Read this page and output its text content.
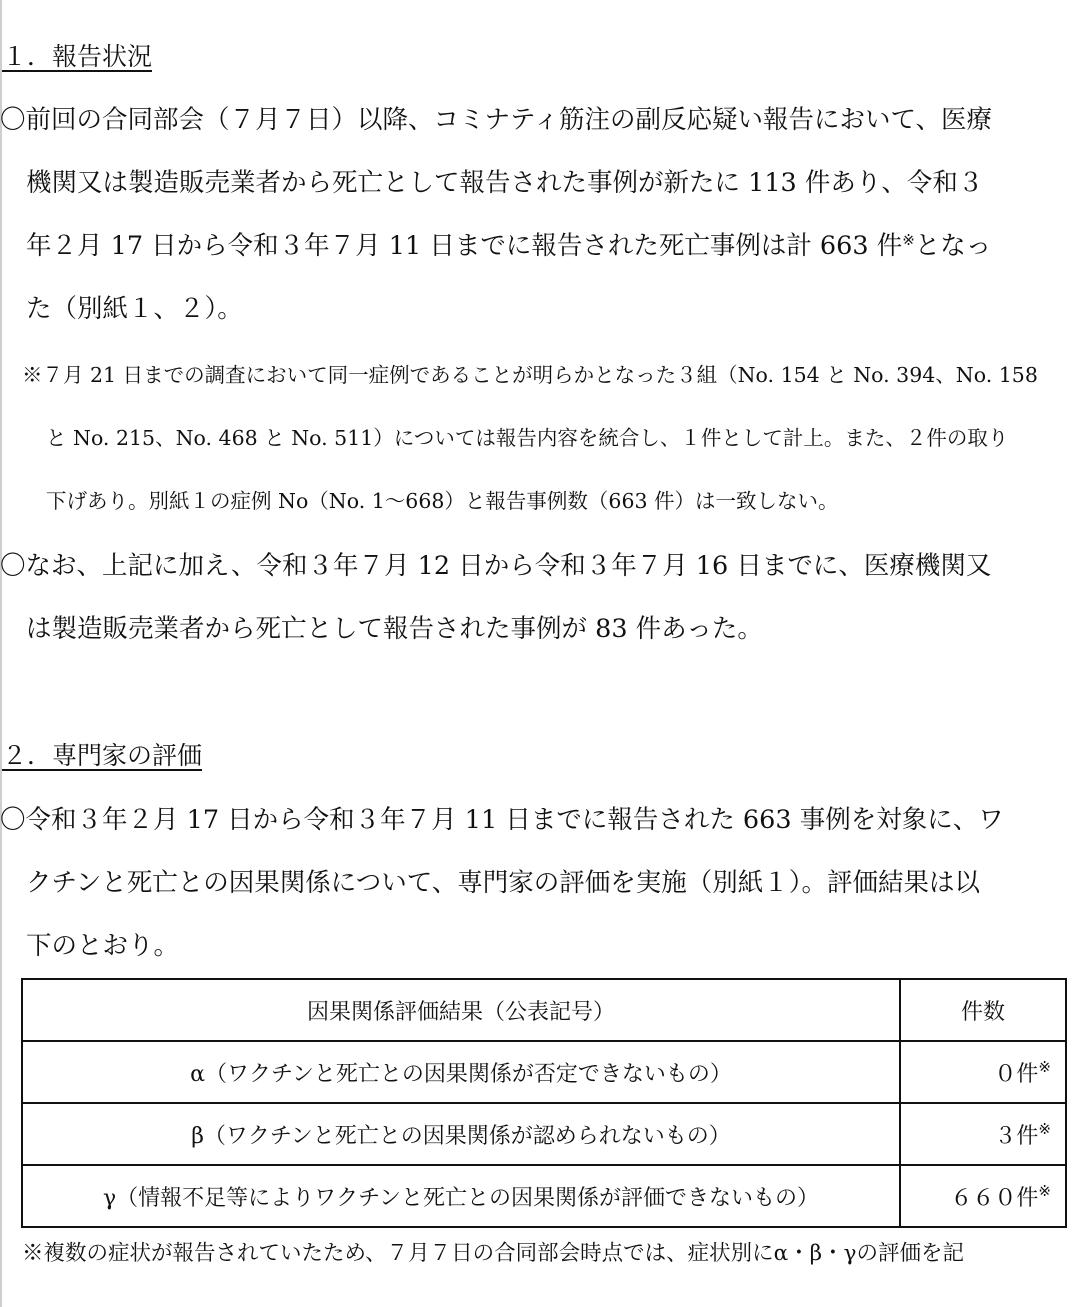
１．報告状況
〇前回の合同部会（７月７日）以降、コミナティ筋注の副反応疑い報告において、医療
機関又は製造販売業者から死亡として報告された事例が新たに 113 件あり、令和３
年２月 17 日から令和３年７月 11 日までに報告された死亡事例は計 663 件※となっ
た（別紙１、２）。
※７月 21 日までの調査において同一症例であることが明らかとなった３組（No. 154 と No. 394、No. 158
と No. 215、No. 468 と No. 511）については報告内容を統合し、１件として計上。また、２件の取り
下げあり。別紙１の症例 No（No. 1〜668）と報告事例数（663 件）は一致しない。
〇なお、上記に加え、令和３年７月 12 日から令和３年７月 16 日までに、医療機関又
は製造販売業者から死亡として報告された事例が 83 件あった。
２．専門家の評価
〇令和３年２月 17 日から令和３年７月 11 日までに報告された 663 事例を対象に、ワ
クチンと死亡との因果関係について、専門家の評価を実施（別紙１）。評価結果は以
下のとおり。
因果関係評価結果（公表記号）	件数
α（ワクチンと死亡との因果関係が否定できないもの）	０件※
β（ワクチンと死亡との因果関係が認められないもの）	３件※
γ（情報不足等によりワクチンと死亡との因果関係が評価できないもの）	６６０件※
※複数の症状が報告されていたため、７月７日の合同部会時点では、症状別にα・β・γの評価を記
